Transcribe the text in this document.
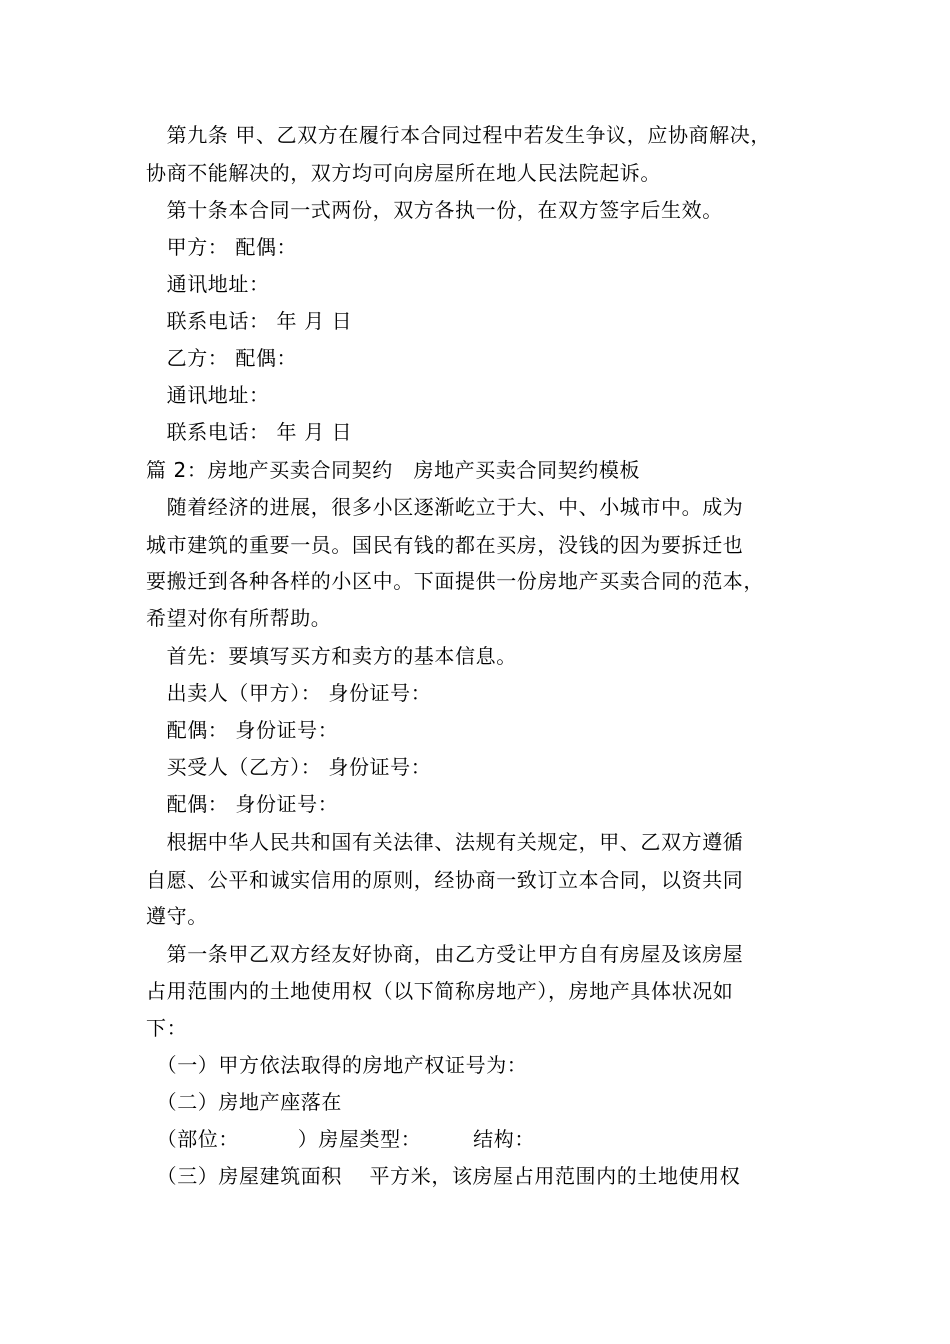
　第九条 甲、乙双方在履行本合同过程中若发生争议，应协商解决，
协商不能解决的，双方均可向房屋所在地人民法院起诉。
　第十条本合同一式两份，双方各执一份，在双方签字后生效。
　甲方： 配偶：
　通讯地址：
　联系电话： 年 月 日
　乙方： 配偶：
　通讯地址：
　联系电话： 年 月 日
篇 2：房地产买卖合同契约　房地产买卖合同契约模板
　随着经济的进展，很多小区逐渐屹立于大、中、小城市中。成为
城市建筑的重要一员。国民有钱的都在买房，没钱的因为要拆迁也
要搬迁到各种各样的小区中。下面提供一份房地产买卖合同的范本，
希望对你有所帮助。
　首先：要填写买方和卖方的基本信息。
　出卖人（甲方）： 身份证号：
　配偶： 身份证号：
　买受人（乙方）： 身份证号：
　配偶： 身份证号：
　根据中华人民共和国有关法律、法规有关规定，甲、乙双方遵循
自愿、公平和诚实信用的原则，经协商一致订立本合同，以资共同
遵守。
　第一条甲乙双方经友好协商，由乙方受让甲方自有房屋及该房屋
占用范围内的土地使用权（以下简称房地产），房地产具体状况如
下：
　（一）甲方依法取得的房地产权证号为：
　（二）房地产座落在
　（部位：　　　 ）房屋类型：　　　结构：
　（三）房屋建筑面积　 平方米，该房屋占用范围内的土地使用权
